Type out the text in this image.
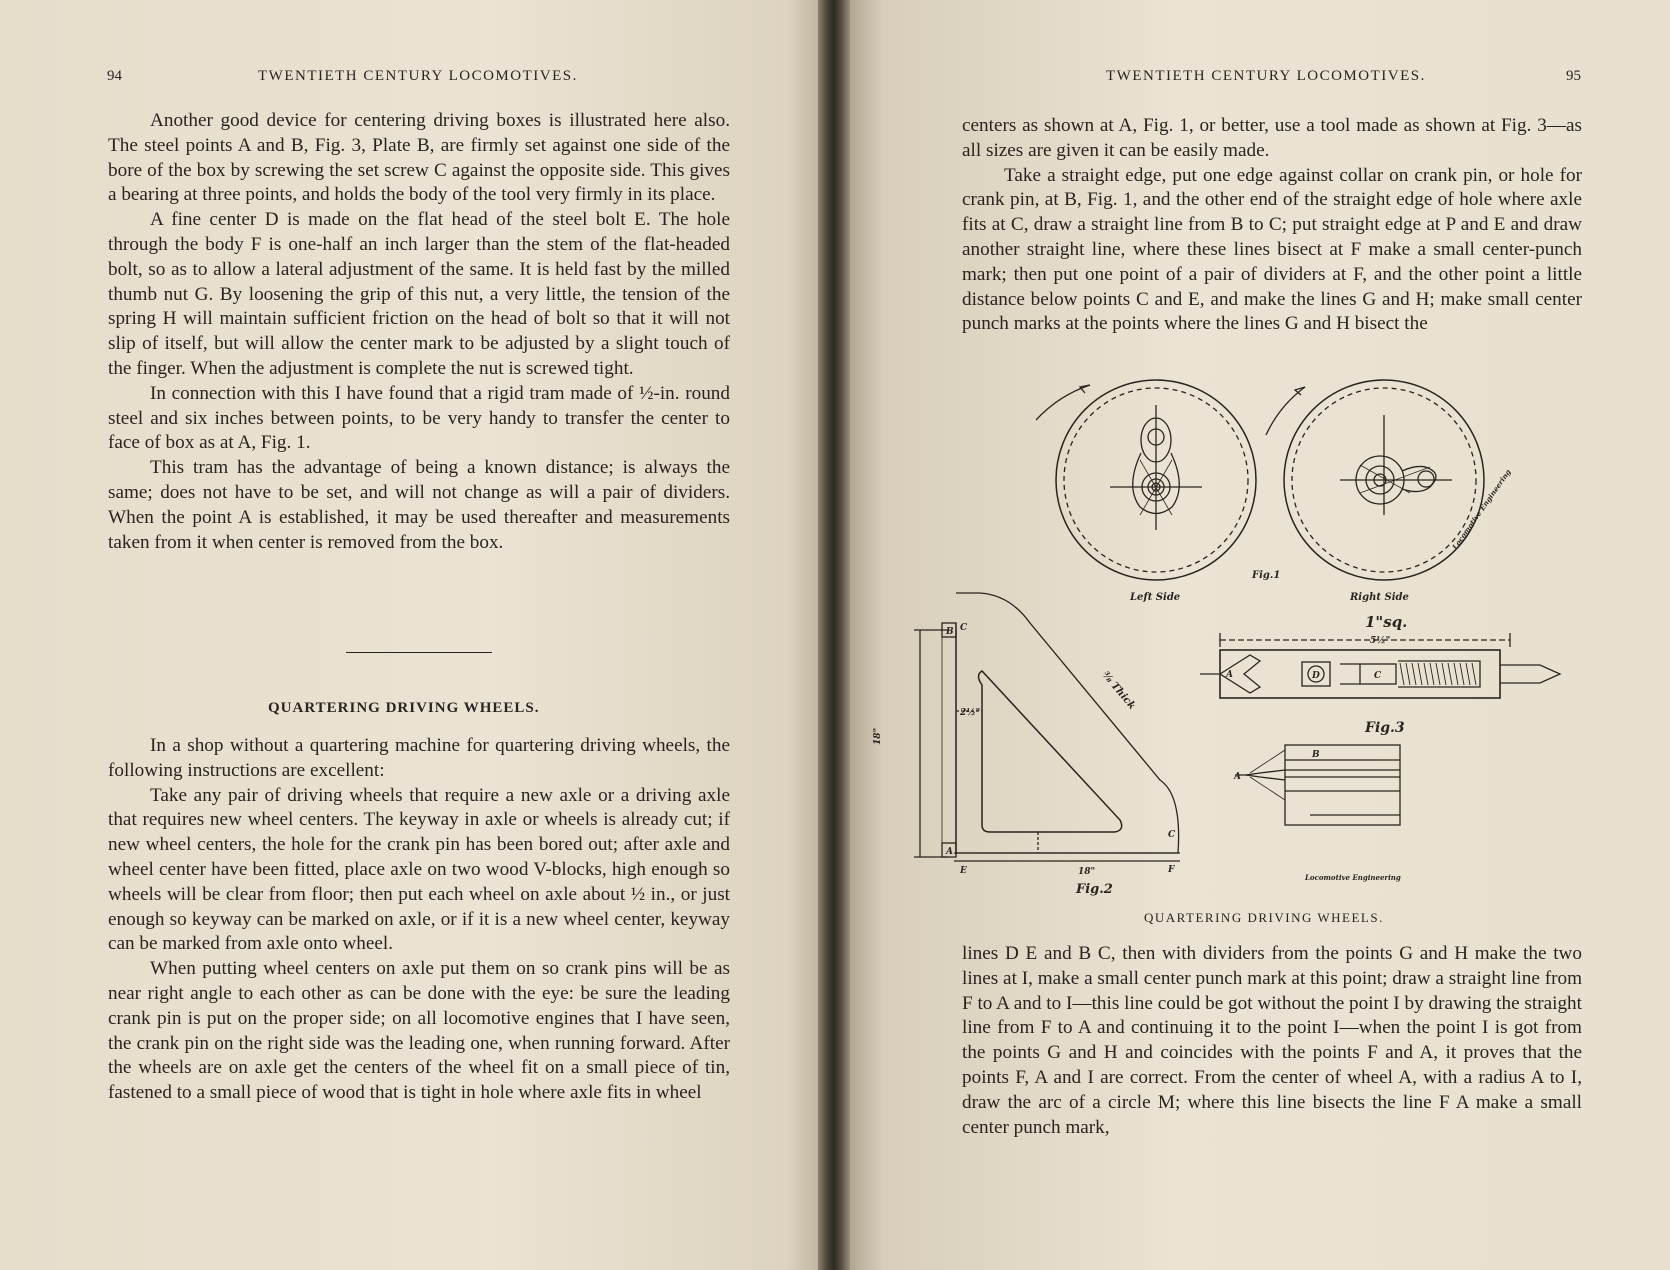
94	TWENTIETH CENTURY LOCOMOTIVES.

Another good device for centering driving boxes is illustrated here also. The steel points A and B, Fig. 3, Plate B, are firmly set against one side of the bore of the box by screwing the set screw C against the opposite side. This gives a bearing at three points, and holds the body of the tool very firmly in its place.

A fine center D is made on the flat head of the steel bolt E. The hole through the body F is one-half an inch larger than the stem of the flat-headed bolt, so as to allow a lateral adjustment of the same. It is held fast by the milled thumb nut G. By loosening the grip of this nut, a very little, the tension of the spring H will maintain sufficient friction on the head of bolt so that it will not slip of itself, but will allow the center mark to be adjusted by a slight touch of the finger. When the adjustment is complete the nut is screwed tight.

In connection with this I have found that a rigid tram made of ½-in. round steel and six inches between points, to be very handy to transfer the center to face of box as at A, Fig. 1.

This tram has the advantage of being a known distance; is always the same; does not have to be set, and will not change as will a pair of dividers. When the point A is established, it may be used thereafter and measurements taken from it when center is removed from the box.

QUARTERING DRIVING WHEELS.

In a shop without a quartering machine for quartering driving wheels, the following instructions are excellent:

Take any pair of driving wheels that require a new axle or a driving axle that requires new wheel centers. The keyway in axle or wheels is already cut; if new wheel centers, the hole for the crank pin has been bored out; after axle and wheel center have been fitted, place axle on two wood V-blocks, high enough so wheels will be clear from floor; then put each wheel on axle about ½ in., or just enough so keyway can be marked on axle, or if it is a new wheel center, keyway can be marked from axle onto wheel.

When putting wheel centers on axle put them on so crank pins will be as near right angle to each other as can be done with the eye: be sure the leading crank pin is put on the proper side; on all locomotive engines that I have seen, the crank pin on the right side was the leading one, when running forward. After the wheels are on axle get the centers of the wheel fit on a small piece of tin, fastened to a small piece of wood that is tight in hole where axle fits in wheel

TWENTIETH CENTURY LOCOMOTIVES.	95

centers as shown at A, Fig. 1, or better, use a tool made as shown at Fig. 3—as all sizes are given it can be easily made.

Take a straight edge, put one edge against collar on crank pin, or hole for crank pin, at B, Fig. 1, and the other end of the straight edge of hole where axle fits at C, draw a straight line from B to C; put straight edge at P and E and draw another straight line, where these lines bisect at F make a small center-punch mark; then put one point of a pair of dividers at F, and the other point a little distance below points C and E, and make the lines G and H; make small center punch marks at the points where the lines G and H bisect the

QUARTERING DRIVING WHEELS.

lines D E and B C, then with dividers from the points G and H make the two lines at I, make a small center punch mark at this point; draw a straight line from F to A and to I—this line could be got without the point I by drawing the straight line from F to A and continuing it to the point I—when the point I is got from the points G and H and coincides with the points F and A, it proves that the points F, A and I are correct. From the center of wheel A, with a radius A to I, draw the arc of a circle M; where this line bisects the line F A make a small center punch mark,

Left Side	Right Side
Fig.1
Locomotive Engineering
1"sq.
5½"
Fig.3
Locomotive Engineering
Fig.2
18"
18"
2½"
⅜ Thick
B C
A
E
C
F
A	D	C
B
A
